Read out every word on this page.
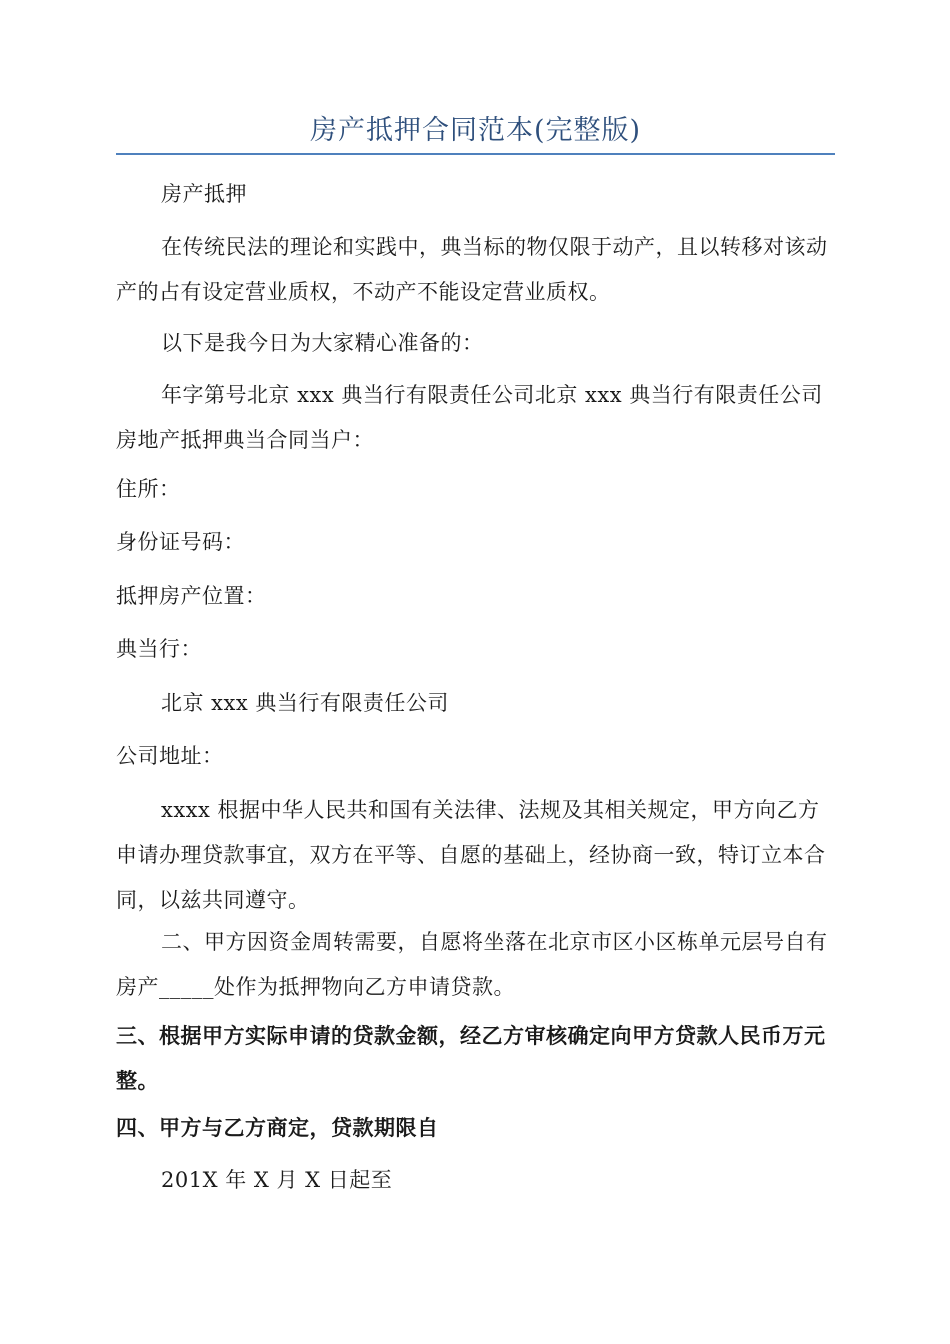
房产抵押合同范本(完整版)

房产抵押

在传统民法的理论和实践中，典当标的物仅限于动产，且以转移对该动产的占有设定营业质权，不动产不能设定营业质权。

以下是我今日为大家精心准备的：

年字第号北京 xxx 典当行有限责任公司北京 xxx 典当行有限责任公司房地产抵押典当合同当户：

住所：

身份证号码：

抵押房产位置：

典当行：

北京 xxx 典当行有限责任公司

公司地址：

xxxx 根据中华人民共和国有关法律、法规及其相关规定，甲方向乙方申请办理贷款事宜，双方在平等、自愿的基础上，经协商一致，特订立本合同，以兹共同遵守。

二、甲方因资金周转需要，自愿将坐落在北京市区小区栋单元层号自有房产_____处作为抵押物向乙方申请贷款。

三、根据甲方实际申请的贷款金额，经乙方审核确定向甲方贷款人民币万元整。

四、甲方与乙方商定，贷款期限自

201X 年 X 月 X 日起至
